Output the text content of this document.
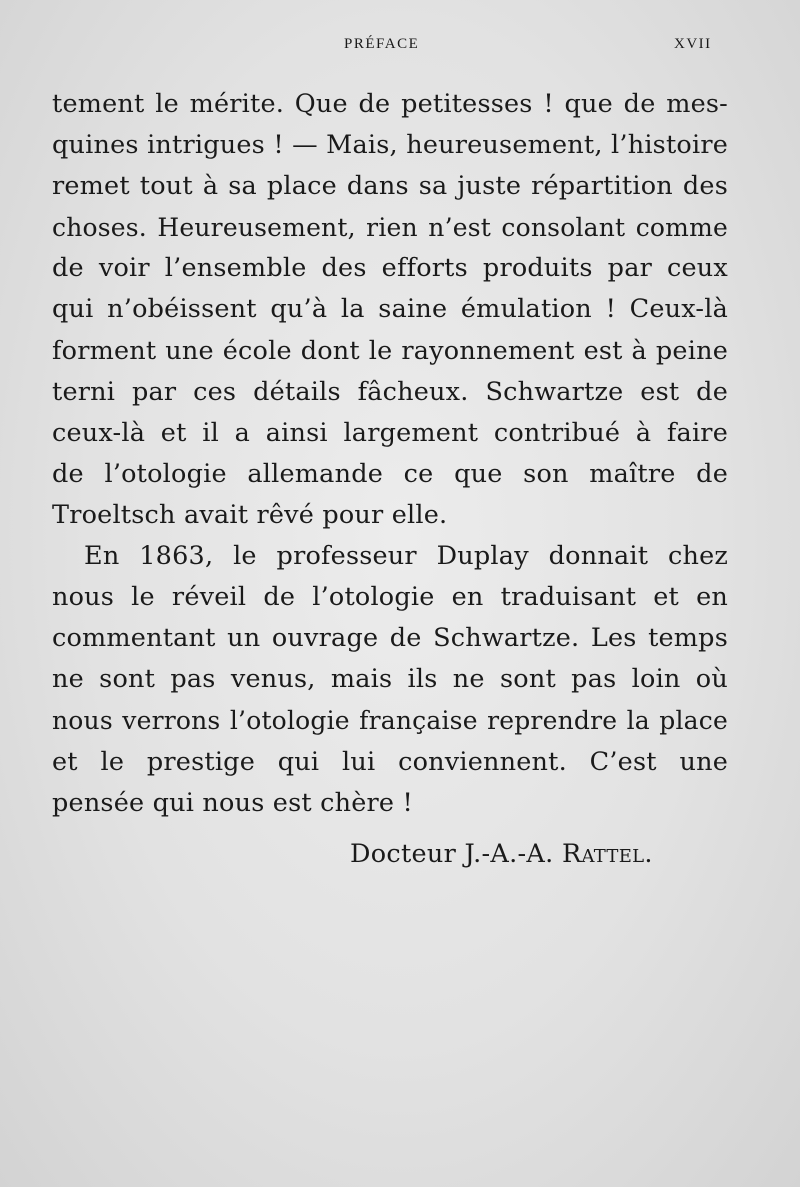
PRÉFACE	XVII
tement le mérite. Que de petitesses ! que de mes-
quines intrigues ! — Mais, heureusement, l’histoire
remet tout à sa place dans sa juste répartition des
choses. Heureusement, rien n’est consolant comme
de voir l’ensemble des efforts produits par ceux
qui n’obéissent qu’à la saine émulation ! Ceux-là
forment une école dont le rayonnement est à peine
terni par ces détails fâcheux. Schwartze est de
ceux-là et il a ainsi largement contribué à faire
de l’otologie allemande ce que son maître de
Troeltsch avait rêvé pour elle.
En 1863, le professeur Duplay donnait chez
nous le réveil de l’otologie en traduisant et en
commentant un ouvrage de Schwartze. Les temps
ne sont pas venus, mais ils ne sont pas loin où
nous verrons l’otologie française reprendre la place
et le prestige qui lui conviennent. C’est une
pensée qui nous est chère !
Docteur J.-A.-A. Rattel.
